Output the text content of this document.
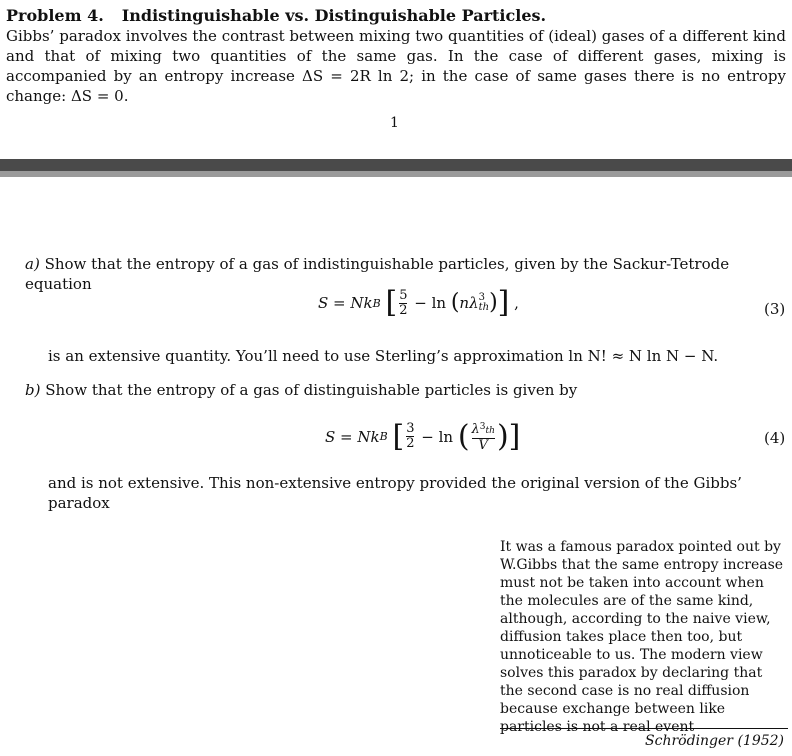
Problem 4. Indistinguishable vs. Distinguishable Particles.
Gibbs’ paradox involves the contrast between mixing two quantities of (ideal) gases of a different kind and that of mixing two quantities of the same gas. In the case of different gases, mixing is accompanied by an entropy increase ΔS = 2R ln 2; in the case of same gases there is no entropy change: ΔS = 0.
1
a) Show that the entropy of a gas of indistinguishable particles, given by the Sackur-Tetrode equation
S = Nk B
[ $\frac{5}{2} - \ln$ ( nλ 3
th ) ] ,	(3)
is an extensive quantity. You’ll need to use Sterling’s approximation ln N! ≈ N ln N − N.
b) Show that the entropy of a gas of distinguishable particles is given by
S = Nk B
[ $\frac{3}{2} - \ln$ ( $\frac{\lambda^3th}{V}$ ) ]	(4)
and is not extensive. This non-extensive entropy provided the original version of the Gibbs’ paradox
It was a famous paradox pointed out by W.Gibbs that the same entropy increase must not be taken into account when the molecules are of the same kind, although, according to the naive view, diffusion takes place then too, but unnoticeable to us. The modern view solves this paradox by declaring that the second case is no real diffusion because exchange between like particles is not a real event
Schrödinger (1952)
